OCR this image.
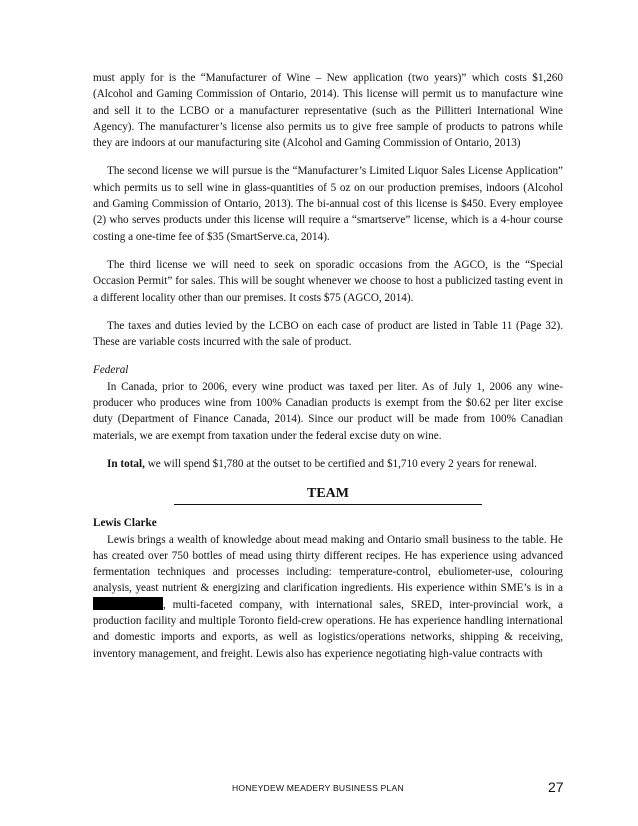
must apply for is the “Manufacturer of Wine – New application (two years)” which costs $1,260 (Alcohol and Gaming Commission of Ontario, 2014). This license will permit us to manufacture wine and sell it to the LCBO or a manufacturer representative (such as the Pillitteri International Wine Agency). The manufacturer’s license also permits us to give free sample of products to patrons while they are indoors at our manufacturing site (Alcohol and Gaming Commission of Ontario, 2013)

The second license we will pursue is the “Manufacturer’s Limited Liquor Sales License Application” which permits us to sell wine in glass-quantities of 5 oz on our production premises, indoors (Alcohol and Gaming Commission of Ontario, 2013). The bi-annual cost of this license is $450. Every employee (2) who serves products under this license will require a “smartserve” license, which is a 4-hour course costing a one-time fee of $35 (SmartServe.ca, 2014).

The third license we will need to seek on sporadic occasions from the AGCO, is the “Special Occasion Permit” for sales. This will be sought whenever we choose to host a publicized tasting event in a different locality other than our premises. It costs $75 (AGCO, 2014).

The taxes and duties levied by the LCBO on each case of product are listed in Table 11 (Page 32). These are variable costs incurred with the sale of product.

Federal

In Canada, prior to 2006, every wine product was taxed per liter. As of July 1, 2006 any wine-producer who produces wine from 100% Canadian products is exempt from the $0.62 per liter excise duty (Department of Finance Canada, 2014). Since our product will be made from 100% Canadian materials, we are exempt from taxation under the federal excise duty on wine.

In total, we will spend $1,780 at the outset to be certified and $1,710 every 2 years for renewal.

TEAM
Lewis Clarke

Lewis brings a wealth of knowledge about mead making and Ontario small business to the table. He has created over 750 bottles of mead using thirty different recipes. He has experience using advanced fermentation techniques and processes including: temperature-control, ebuliometer-use, colouring analysis, yeast nutrient & energizing and clarification ingredients. His experience within SME’s is in a , multi-faceted company, with international sales, SRED, inter-provincial work, a production facility and multiple Toronto field-crew operations. He has experience handling international and domestic imports and exports, as well as logistics/operations networks, shipping & receiving, inventory management, and freight. Lewis also has experience negotiating high-value contracts with

HONEYDEW MEADERY BUSINESS PLAN	27
